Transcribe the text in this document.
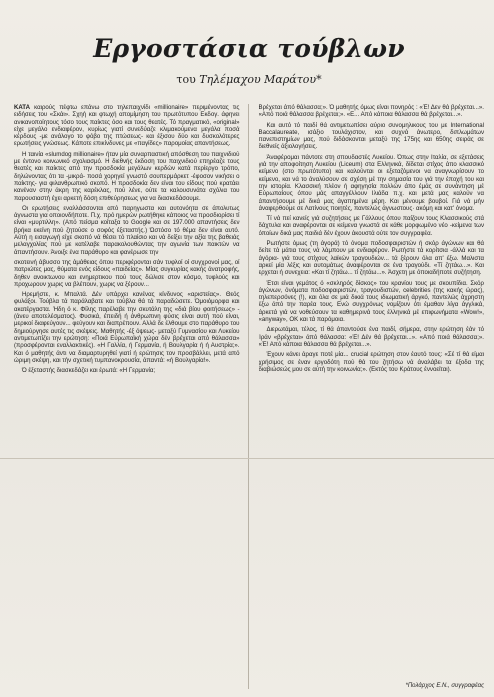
Εργοστάσια τούβλων
του Τηλέμαχου Μαράτου*

ΚΑΤΑ καιρούς πέφτω επάνω στο τηλεπαιχνίδι «millionaire» περιμένοντας τις ειδήσεις του «Σκάι». Σχηή και φτωχή απομίμηση του πρωτότυπου Εκδογ. άφηνει ανικανοποίητους τόσο τους παίκτες όσο και τους θεατές. Τό πραγματικό, «original» είχε μεγάλο ενδιαφέρον, κυρίως γιατί συνεδύαζε κλιμακούμενα μεγάλα ποσά κέρδους -με ανάλογο το φόβο της πτώσεως- και έξισου δύο και δυσκολότερες ερωτήσεις γνώσεως. Κάποτε επικίνδυνες με «παγίδες» παρομοίας απαντήσεως.

Η ταινία «slumdog millionaire» ήταν μία συναρπαστική απόσθεση του παιχνιδιού με έντονο κοινωνικό σχολιασμό. Η διεθνής έκδοση του παιχνιδιού επηρέαζε τους θεατές και παίκτες από την προσδοκία μεγάλων κερδών κατά περίεργο τρόπο, δηλώνοντας ότι τα -μικρά- ποσά χορηγεί γνωστό σουπερμάρκετ -έφοσον νικήσει ο παίκτης- για φιλανθρωπικό σκοπό. Η προσδοκία δεν είναι του είδους πού κρατάει κανέναν στην άκρη της καρέκλας, πού λένε, ούτε τα καλουσυνάτα σχόλια του παρουσιαστή έχει αρκετή δόση επιθεύρησεως για να διασκεδάσουμε.

Οι ερωτήσεις εναλλάσσονται από παρηγωστα και αυτονόητα σε άπολυτως άγνωστα για οποιονδήποτε. Π.χ. πρό ημερών ρωτήθηκε κάποιος να προσδιορίσει τί είναι «μυρτιλλη». (Από πείσμα κοίταξα το Google και σε 197.000 απαντήσεις δεν βρήκα εκείνη πού ζητούσε ο σοφός έξεταστής.) Ώστόσο τό θέμα δεν είναι αυτό. Αύτή η εισαγωγή είχε σκοπό νά θέσει τό πλαίσιο και νά δείξει την αξία της βαθειάς μελαγχολίας πού με κατέλαβε παρακολουθώντας την αγωνία των παικτών να άπαντήσουν. Άνοιξε ένα παράθυρο και φανέρωσε την

σκοτεινή άβυσσο της άμάθειας όπου περιφέρονται σάν τυφλοί οί συγχρονοί μας, οί πατριώτες μας, θύματα ενός είδους «παιδείας». Μίας συγκυρίας κακής άνατροφής, δηθεν ανοικτωνου και ενημερτικου πού τους δώλισε στον κόσμο, τυφλούς και προχωρουν χωρις να βλέπουν, χωρις να ξέρουν...

Ηρεμήστε, κ. Μπαλτά. Δέν υπάρχει κανένας κίνδυνος «αριστείας». Θεός φυλάξοι. Τούβλα τά παράλαβατε και τούβλα θά τά παραδώσετε. Όμοιόμορφα και ακατέργαστα. Ήδη ό κ. Φίλης παρέλαβε την σκυτάλη της «διά βίου φοιτήσεως» - (άνευ αποτελέσματος). Φυσικά, έπειδή ή άνθρωπινη φύσις είναι αυτή πού είναι, μερικοί διαφεύγουν... φεύγουν και διαπρέπουν. Αλλά δε έλθουμε στο παράθυρο του δημιούργησε αυτές τις σκέψεις. Μαθητής -έξ όψεως- μεταξύ Γυμνασίου και Λυκείου αντιμετωπίζει την ερώτηση: «Ποιά Εύρωπαϊκή χώρα δέν βρέχεται από θάλασσα» (προσφέρονται εναλλακτικές). «Η Γαλλία, ή Γερμανία, ή Βουλγαρία ή ή Αυστρία;». Και ό μαθητής άντι να διαμαρτυρηθεί γιατί ή ερώτησις τον προσβάλλει, μετά από ώριμη σκέψη, και τήν σχετική τυμπανοκρουσία, άπαντά: «ή Βουλγαρία!».

Ό έξεταστής διασκεδάζει και έρωτά: «Η Γερμανία;

Βρέχεται άπό θάλασσα;». Ό μαθητής όμως είναι πονηρός : «Έ! Δεν θά βρέχεται...». «Από ποιά θάλασσα βρέχεται;». «Ε... Από κάποια θάλασσα θά βρέχεται...».

Και αυτό τό παιδί θά αντιμετωπίσει αύριο συνομηλικους του με International Baccalaureate, ισάξιο τουλάχιστον, και συχνά άνωτερο, διπλωμάτων πανεπιστημίων μας, πού διδάσκονται μεταξύ της 175ης και 650ης σειράς σε διεθνείς άξιολογήσεις.

Άναφέρομαι πάντοτε στη σπουδαστές Λυκείου. Όπως στην Ιταλία, σε εξετάσεις γιά την αποφοίτηση Λυκείου (Liceum) στα Ελληνικά, δίδεται στίχος άπο κλασσικό κείμενο (στο πρωτότυπο) και καλούνται οι εξεταζόμενοι να αναγνωρίσουν το κείμενο, και νά το άναλύσουν σε σχέση μέ την σημασία του γιά την έποχή του και την ιστορία. Κλασσική πλέον ή αφηγησία πολλών άπο έμάς σε συνάντηση μέ Εύρωπαίους όπου μάς απαγγέλλουν Ιλιάδα π.χ. και μετά μας καλούν να άπαντήσουμε μέ δικά μας άγαπημένα μέρη. Και μένουμε βουβοί. Γιά νά μήν άναφερθούμε σε Λατίνους ποιητές, παντελώς άγνωστους· ακόμη και κατ' όνομα.

Τί νά πεί κανείς γιά συζητήσεις με Γάλλους όπου παίζουν τους Κλασσικούς στά δάχτυλα και αναφέρονται σε κείμενα γνωστά σε κάθε μορφωμένο νέο -κείμενα των όποίων δικά μας παιδιά δέν έχουν άκουστά ούτε τον συγγραφέα.

Ρωτήστε όμως (τη άγορά) τό όνομα ποδοσφαιριστών ή σκόρ άγώνων και θά δείτε τά μάτια τους νά λάμπουν με ενδιαφέρον. Ρωτήστε τά κορίτσια -άλλά και τα άγόρια- γιά τους στίχους λαϊκών τραγουδιών... τά ξέρουν όλα απ' έξω. Μαλιστα αρκεί μία λέξις και αυτομάτως άναφέρονται σε ένα τραγούδι. «Τί ζητάω...». Και ερχεται ή συνεχεια: «Και τί ζητάω... τί ζητάω...». Άσχετη με όποιαδήποτε συζήτηση.

Έτσι είναι γεμάτος ό «σκληρός δίσκος» του κρανίου τους με σκουπίδια. Σκόρ άγώνων, όνόματα ποδοσφαιριστών, τραγουδιστών, celebrities (της κακής ώρας), τηλεπερσόνες (!), και όλα σε μιά δικιά τους ιδιωματική άργκό, παντελώς άχρηστη έξω άπό την παρέα τους. Ενώ συγχρόνως νομίζουν ότι έμαθαν λίγα άγγλικά, άρκετά γιά να νοθεύσουν τα καθημερινά τους έλληνικά μέ επιφωνήματα «Wow!», «anyway», OK και τά παρόμοια.

Διερωτάμαι, τέλος, τί θά άπαντούσε ένα παιδί, σήμερα, στην ερώτηση έάν τό Ίράν «βρέχεται» άπό θάλασσα: «Έ! Δέν θά βρέχεται...». «Από ποιά θάλασσα;». «Έ! Από κάποια θάλασσα θά βρέχεται...».

Έχουν κάνει άραγε ποτέ μία... crucial ερώτηση στον έαυτό τους: «Σέ τί θά είμαι χρήσιμος σε έναν εργοδότη πού θά του ζητήσω νά άναλάβει τα έξοδα της διαβιώσεώς μου σε αύτή την κοινωνία;». (Εκτός του Κράτους έννοείται).

*Πολάρχος Ε.Ν., συγγραφέας
